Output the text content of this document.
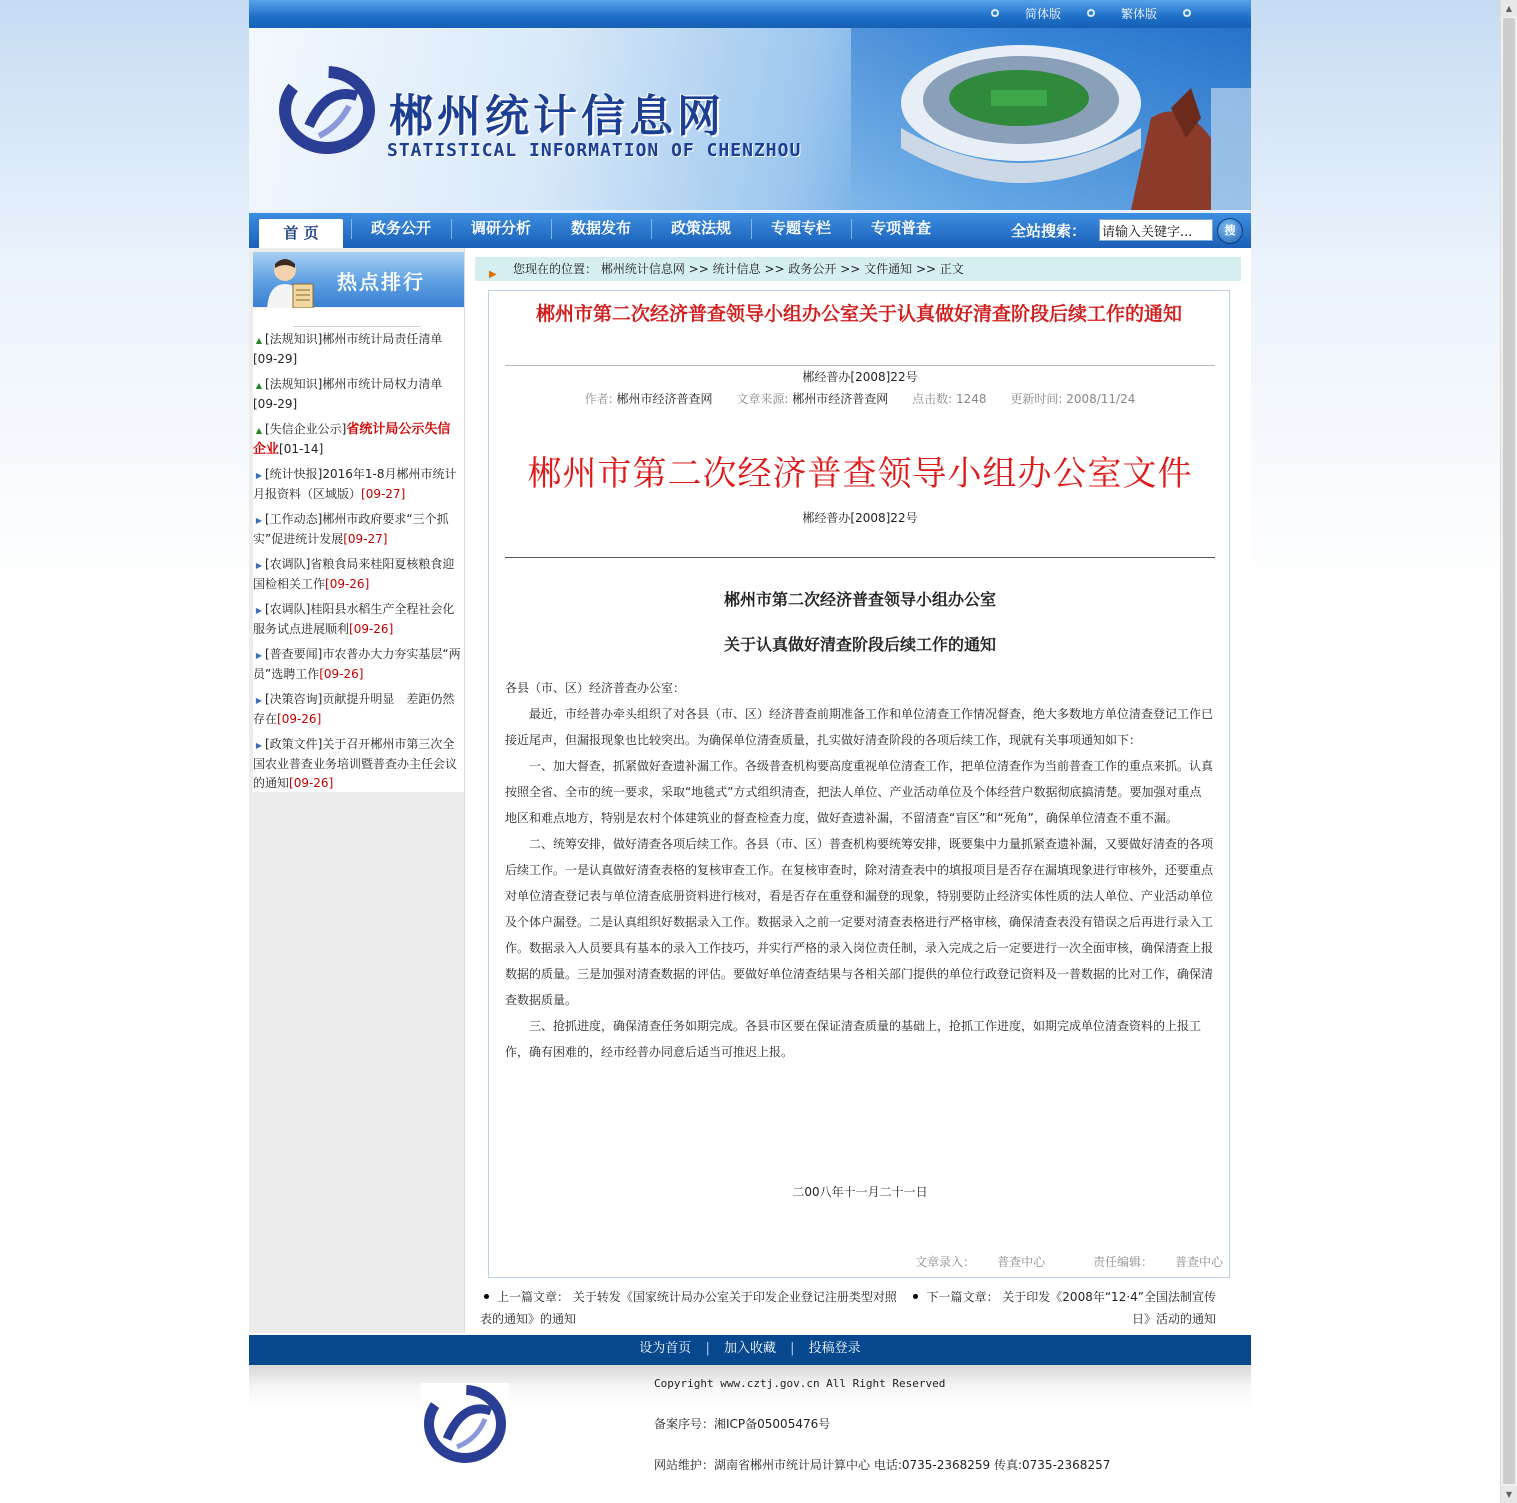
▲
▼
简体版	繁体版
郴州统计信息网
STATISTICAL INFORMATION OF CHENZHOU
首 页	政务公开	调研分析	数据发布	政策法规	专题专栏	专项普查	全站搜索：
请输入关键字...	搜
热点排行
▲ [法规知识]郴州市统计局责任清单[09-29]
▲ [法规知识]郴州市统计局权力清单[09-29]
▲ [失信企业公示]省统计局公示失信企业[01-14]
▶ [统计快报]2016年1-8月郴州市统计月报资料（区域版）[09-27]
▶ [工作动态]郴州市政府要求“三个抓实”促进统计发展[09-27]
▶ [农调队]省粮食局来桂阳夏核粮食迎国检相关工作[09-26]
▶ [农调队]桂阳县水稻生产全程社会化服务试点进展顺利[09-26]
▶ [普查要闻]市农普办大力夯实基层“两员”选聘工作[09-26]
▶ [决策咨询]贡献提升明显　差距仍然存在[09-26]
▶ [政策文件]关于召开郴州市第三次全国农业普查业务培训暨普查办主任会议的通知[09-26]
▶ 您现在的位置： 郴州统计信息网 >> 统计信息 >> 政务公开 >> 文件通知 >> 正文
郴州市第二次经济普查领导小组办公室关于认真做好清查阶段后续工作的通知
郴经普办[2008]22号
作者: 郴州市经济普查网 文章来源: 郴州市经济普查网 点击数: 1248 更新时间: 2008/11/24
郴州市第二次经济普查领导小组办公室文件
郴经普办[2008]22号
郴州市第二次经济普查领导小组办公室
关于认真做好清查阶段后续工作的通知

各县（市、区）经济普查办公室：

最近，市经普办牵头组织了对各县（市、区）经济普查前期准备工作和单位清查工作情况督查，绝大多数地方单位清查登记工作已接近尾声，但漏报现象也比较突出。为确保单位清查质量，扎实做好清查阶段的各项后续工作，现就有关事项通知如下：

一、加大督查，抓紧做好查遗补漏工作。各级普查机构要高度重视单位清查工作，把单位清查作为当前普查工作的重点来抓。认真按照全省、全市的统一要求，采取“地毯式”方式组织清查，把法人单位、产业活动单位及个体经营户数据彻底搞清楚。要加强对重点地区和难点地方，特别是农村个体建筑业的督查检查力度，做好查遗补漏，不留清查“盲区”和“死角”，确保单位清查不重不漏。

二、统筹安排，做好清查各项后续工作。各县（市、区）普查机构要统筹安排，既要集中力量抓紧查遗补漏，又要做好清查的各项后续工作。一是认真做好清查表格的复核审查工作。在复核审查时，除对清查表中的填报项目是否存在漏填现象进行审核外，还要重点对单位清查登记表与单位清查底册资料进行核对，看是否存在重登和漏登的现象，特别要防止经济实体性质的法人单位、产业活动单位及个体户漏登。二是认真组织好数据录入工作。数据录入之前一定要对清查表格进行严格审核，确保清查表没有错误之后再进行录入工作。数据录入人员要具有基本的录入工作技巧，并实行严格的录入岗位责任制，录入完成之后一定要进行一次全面审核，确保清查上报数据的质量。三是加强对清查数据的评估。要做好单位清查结果与各相关部门提供的单位行政登记资料及一普数据的比对工作，确保清查数据质量。

三、抢抓进度，确保清查任务如期完成。各县市区要在保证清查质量的基础上，抢抓工作进度，如期完成单位清查资料的上报工作，确有困难的，经市经普办同意后适当可推迟上报。

二00八年十一月二十一日
文章录入： 普查中心	责任编辑： 普查中心
上一篇文章： 关于转发《国家统计局办公室关于印发企业登记注册类型对照表的通知》的通知
下一篇文章： 关于印发《2008年“12·4”全国法制宣传日》活动的通知
设为首页 | 加入收藏 | 投稿登录
Copyright www.cztj.gov.cn All Right Reserved
备案序号：湘ICP备05005476号
网站维护：湖南省郴州市统计局计算中心 电话:0735-2368259 传真:0735-2368257
